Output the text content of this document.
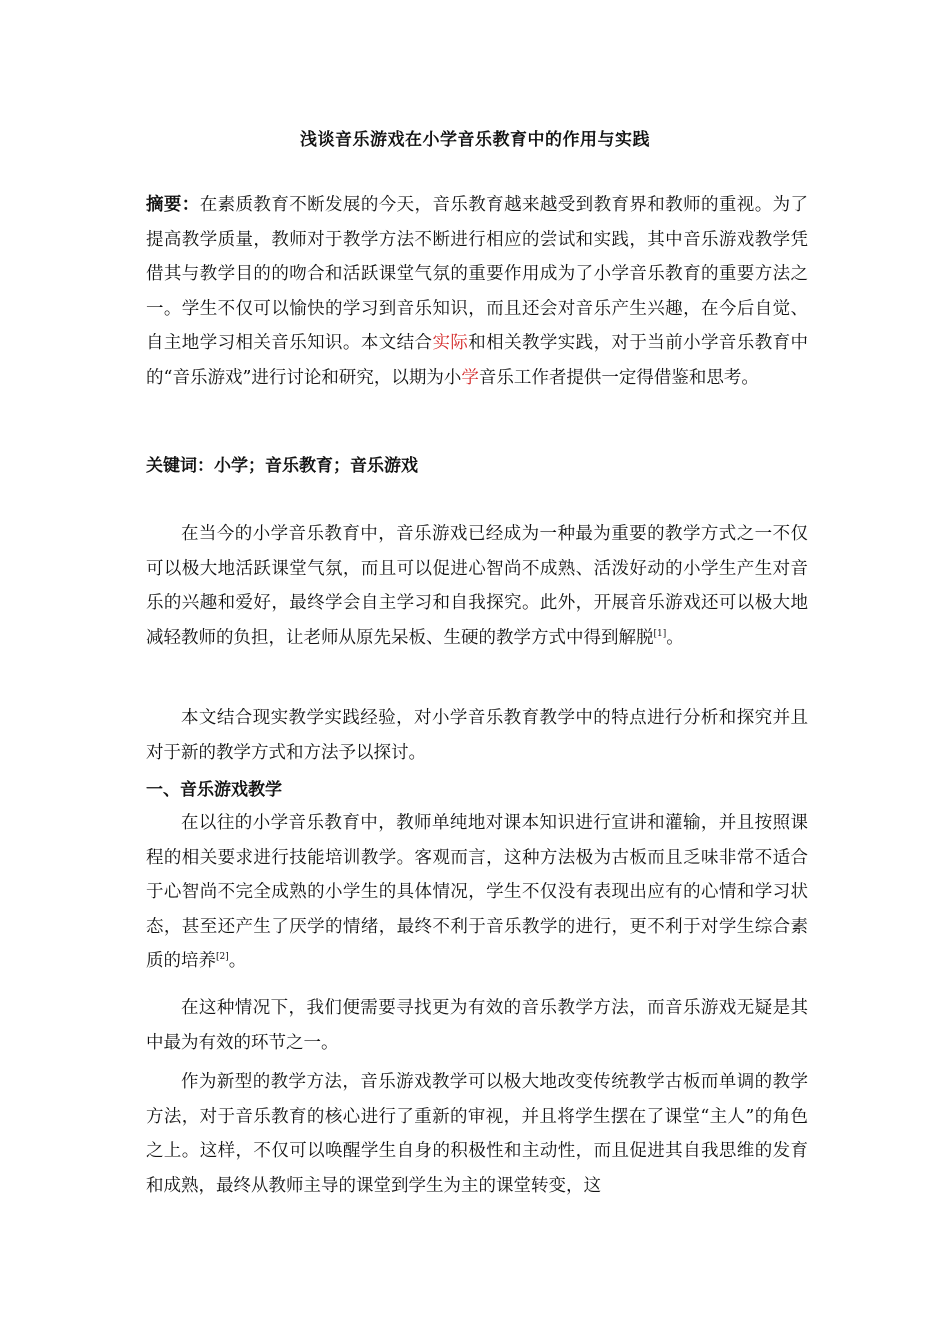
浅谈音乐游戏在小学音乐教育中的作用与实践
摘要：在素质教育不断发展的今天，音乐教育越来越受到教育界和教师的重视。为了提高教学质量，教师对于教学方法不断进行相应的尝试和实践，其中音乐游戏教学凭借其与教学目的的吻合和活跃课堂气氛的重要作用成为了小学音乐教育的重要方法之一。学生不仅可以愉快的学习到音乐知识，而且还会对音乐产生兴趣，在今后自觉、自主地学习相关音乐知识。本文结合实际和相关教学实践，对于当前小学音乐教育中的“音乐游戏”进行讨论和研究，以期为小学音乐工作者提供一定得借鉴和思考。
关键词：小学；音乐教育；音乐游戏

在当今的小学音乐教育中，音乐游戏已经成为一种最为重要的教学方式之一不仅可以极大地活跃课堂气氛，而且可以促进心智尚不成熟、活泼好动的小学生产生对音乐的兴趣和爱好，最终学会自主学习和自我探究。此外，开展音乐游戏还可以极大地减轻教师的负担，让老师从原先呆板、生硬的教学方式中得到解脱[1]。

本文结合现实教学实践经验，对小学音乐教育教学中的特点进行分析和探究并且对于新的教学方式和方法予以探讨。

一、音乐游戏教学

在以往的小学音乐教育中，教师单纯地对课本知识进行宣讲和灌输，并且按照课程的相关要求进行技能培训教学。客观而言，这种方法极为古板而且乏味非常不适合于心智尚不完全成熟的小学生的具体情况，学生不仅没有表现出应有的心情和学习状态，甚至还产生了厌学的情绪，最终不利于音乐教学的进行，更不利于对学生综合素质的培养[2]。

在这种情况下，我们便需要寻找更为有效的音乐教学方法，而音乐游戏无疑是其中最为有效的环节之一。

作为新型的教学方法，音乐游戏教学可以极大地改变传统教学古板而单调的教学方法，对于音乐教育的核心进行了重新的审视，并且将学生摆在了课堂“主人”的角色之上。这样，不仅可以唤醒学生自身的积极性和主动性，而且促进其自我思维的发育和成熟，最终从教师主导的课堂到学生为主的课堂转变，这
